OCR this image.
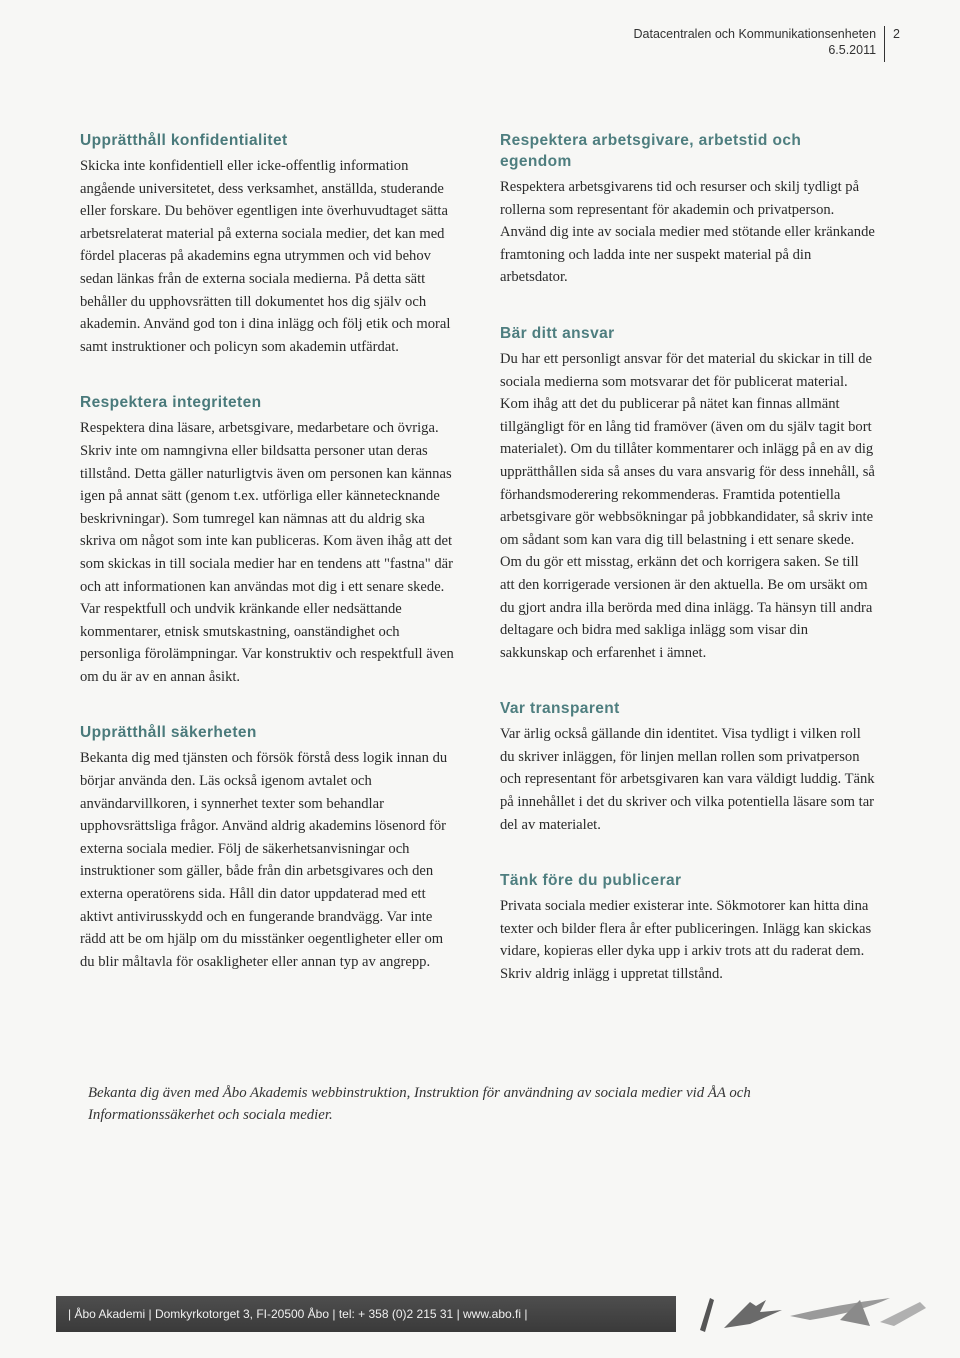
Datacentralen och Kommunikationsenheten
6.5.2011
2
Upprätthåll konfidentialitet

Skicka inte konfidentiell eller icke-offentlig information angående universitetet, dess verksamhet, anställda, studerande eller forskare. Du behöver egentligen inte överhuvudtaget sätta arbetsrelaterat material på externa sociala medier, det kan med fördel placeras på akademins egna utrymmen och vid behov sedan länkas från de externa sociala medierna. På detta sätt behåller du upphovsrätten till dokumentet hos dig själv och akademin. Använd god ton i dina inlägg och följ etik och moral samt instruktioner och policyn som akademin utfärdat.

Respektera integriteten

Respektera dina läsare, arbetsgivare, medarbetare och övriga. Skriv inte om namngivna eller bildsatta personer utan deras tillstånd. Detta gäller naturligtvis även om personen kan kännas igen på annat sätt (genom t.ex. utförliga eller kännetecknande beskrivningar). Som tumregel kan nämnas att du aldrig ska skriva om något som inte kan publiceras. Kom även ihåg att det som skickas in till sociala medier har en tendens att "fastna" där och att informationen kan användas mot dig i ett senare skede. Var respektfull och undvik kränkande eller nedsättande kommentarer, etnisk smutskastning, oanständighet och personliga förolämpningar. Var konstruktiv och respektfull även om du är av en annan åsikt.

Upprätthåll säkerheten

Bekanta dig med tjänsten och försök förstå dess logik innan du börjar använda den. Läs också igenom avtalet och användarvillkoren, i synnerhet texter som behandlar upphovsrättsliga frågor. Använd aldrig akademins lösenord för externa sociala medier. Följ de säkerhetsanvisningar och instruktioner som gäller, både från din arbetsgivares och den externa operatörens sida. Håll din dator uppdaterad med ett aktivt antivirusskydd och en fungerande brandvägg. Var inte rädd att be om hjälp om du misstänker oegentligheter eller om du blir måltavla för osakligheter eller annan typ av angrepp.

Respektera arbetsgivare, arbetstid och egendom

Respektera arbetsgivarens tid och resurser och skilj tydligt på rollerna som representant för akademin och privatperson. Använd dig inte av sociala medier med stötande eller kränkande framtoning och ladda inte ner suspekt material på din arbetsdator.

Bär ditt ansvar

Du har ett personligt ansvar för det material du skickar in till de sociala medierna som motsvarar det för publicerat material. Kom ihåg att det du publicerar på nätet kan finnas allmänt tillgängligt för en lång tid framöver (även om du själv tagit bort materialet). Om du tillåter kommentarer och inlägg på en av dig upprätthållen sida så anses du vara ansvarig för dess innehåll, så förhandsmoderering rekommenderas. Framtida potentiella arbetsgivare gör webbsökningar på jobbkandidater, så skriv inte om sådant som kan vara dig till belastning i ett senare skede. Om du gör ett misstag, erkänn det och korrigera saken. Se till att den korrigerade versionen är den aktuella. Be om ursäkt om du gjort andra illa berörda med dina inlägg. Ta hänsyn till andra deltagare och bidra med sakliga inlägg som visar din sakkunskap och erfarenhet i ämnet.

Var transparent

Var ärlig också gällande din identitet. Visa tydligt i vilken roll du skriver inläggen, för linjen mellan rollen som privatperson och representant för arbetsgivaren kan vara väldigt luddig. Tänk på innehållet i det du skriver och vilka potentiella läsare som tar del av materialet.

Tänk före du publicerar

Privata sociala medier existerar inte. Sökmotorer kan hitta dina texter och bilder flera år efter publiceringen. Inlägg kan skickas vidare, kopieras eller dyka upp i arkiv trots att du raderat dem. Skriv aldrig inlägg i uppretat tillstånd.

Bekanta dig även med Åbo Akademis webbinstruktion, Instruktion för användning av sociala medier vid ÅA och Informationssäkerhet och sociala medier.
| Åbo Akademi | Domkyrkotorget 3, FI-20500 Åbo | tel: + 358 (0)2 215 31 | www.abo.fi |
